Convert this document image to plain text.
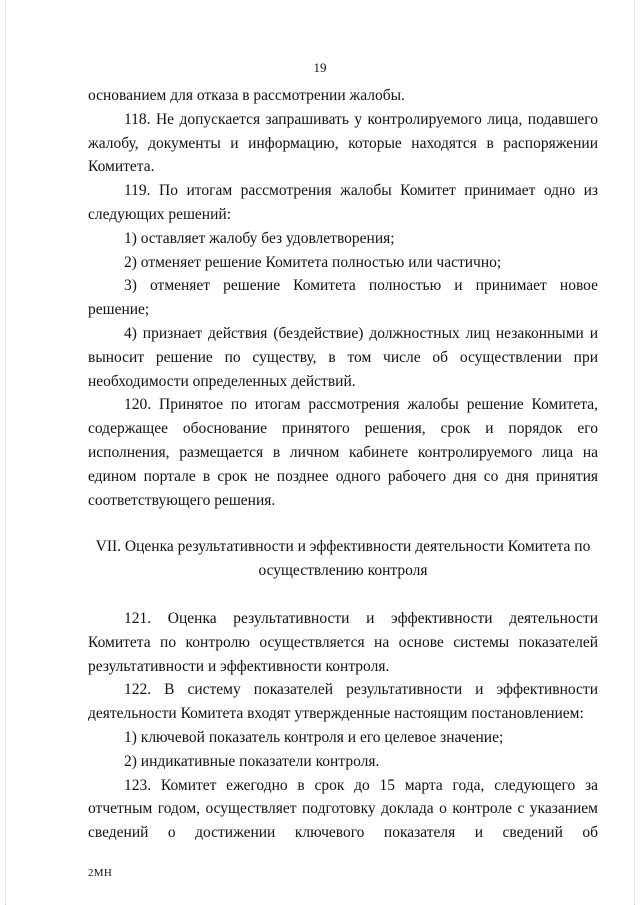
19

основанием для отказа в рассмотрении жалобы.

118. Не допускается запрашивать у контролируемого лица, подавшего жалобу, документы и информацию, которые находятся в распоряжении Комитета.

119. По итогам рассмотрения жалобы Комитет принимает одно из следующих решений:

1) оставляет жалобу без удовлетворения;

2) отменяет решение Комитета полностью или частично;

3) отменяет решение Комитета полностью и принимает новое решение;

4) признает действия (бездействие) должностных лиц незаконными и выносит решение по существу, в том числе об осуществлении при необходимости определенных действий.

120. Принятое по итогам рассмотрения жалобы решение Комитета, содержащее обоснование принятого решения, срок и порядок его исполнения, размещается в личном кабинете контролируемого лица на едином портале в срок не позднее одного рабочего дня со дня принятия соответствующего решения.

VII. Оценка результативности и эффективности деятельности Комитета по осуществлению контроля

121. Оценка результативности и эффективности деятельности Комитета по контролю осуществляется на основе системы показателей результативности и эффективности контроля.

122. В систему показателей результативности и эффективности деятельности Комитета входят утвержденные настоящим постановлением:

1) ключевой показатель контроля и его целевое значение;

2) индикативные показатели контроля.

123. Комитет ежегодно в срок до 15 марта года, следующего за отчетным годом, осуществляет подготовку доклада о контроле с указанием сведений о достижении ключевого показателя и сведений об

2МН
